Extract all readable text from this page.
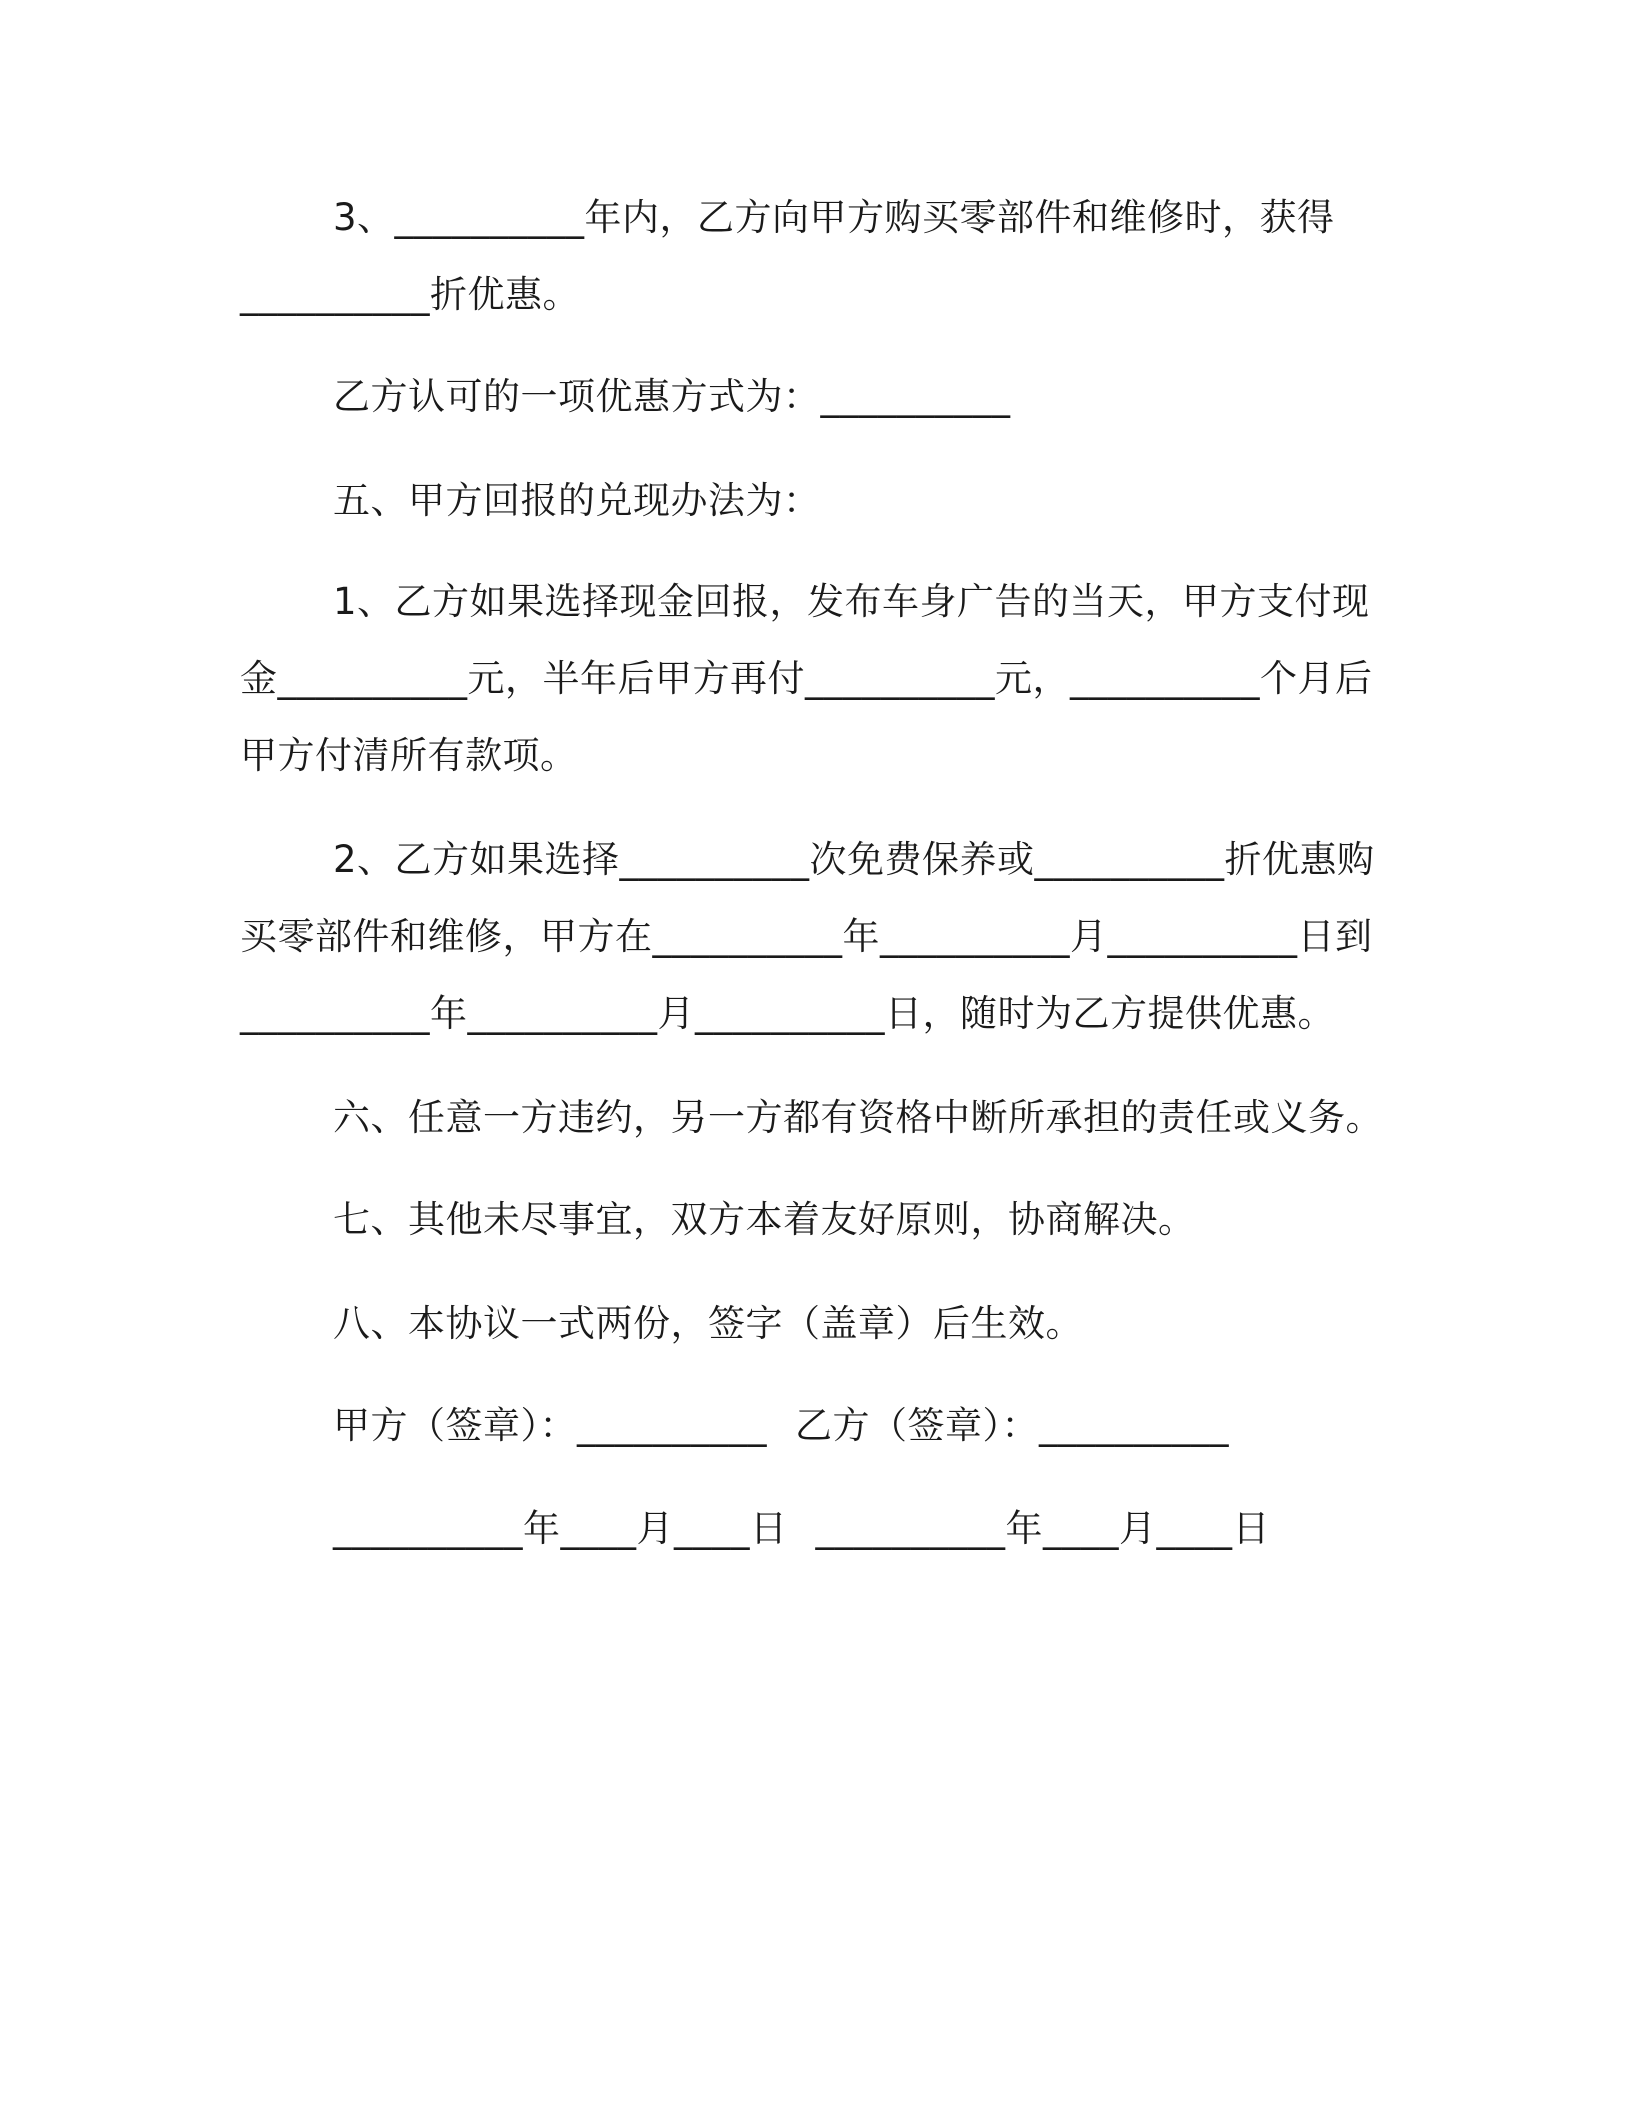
3、__________年内，乙方向甲方购买零部件和维修时，获得
__________折优惠。
乙方认可的一项优惠方式为：__________
五、甲方回报的兑现办法为：
1、乙方如果选择现金回报，发布车身广告的当天，甲方支付现
金__________元，半年后甲方再付__________元，__________个月后
甲方付清所有款项。
2、乙方如果选择__________次免费保养或__________折优惠购
买零部件和维修，甲方在__________年__________月__________日到
__________年__________月__________日，随时为乙方提供优惠。
六、任意一方违约，另一方都有资格中断所承担的责任或义务。
七、其他未尽事宜，双方本着友好原则，协商解决。
八、本协议一式两份，签字（盖章）后生效。
甲方（签章）：__________ 乙方（签章）：__________
__________年____月____日 __________年____月____日
